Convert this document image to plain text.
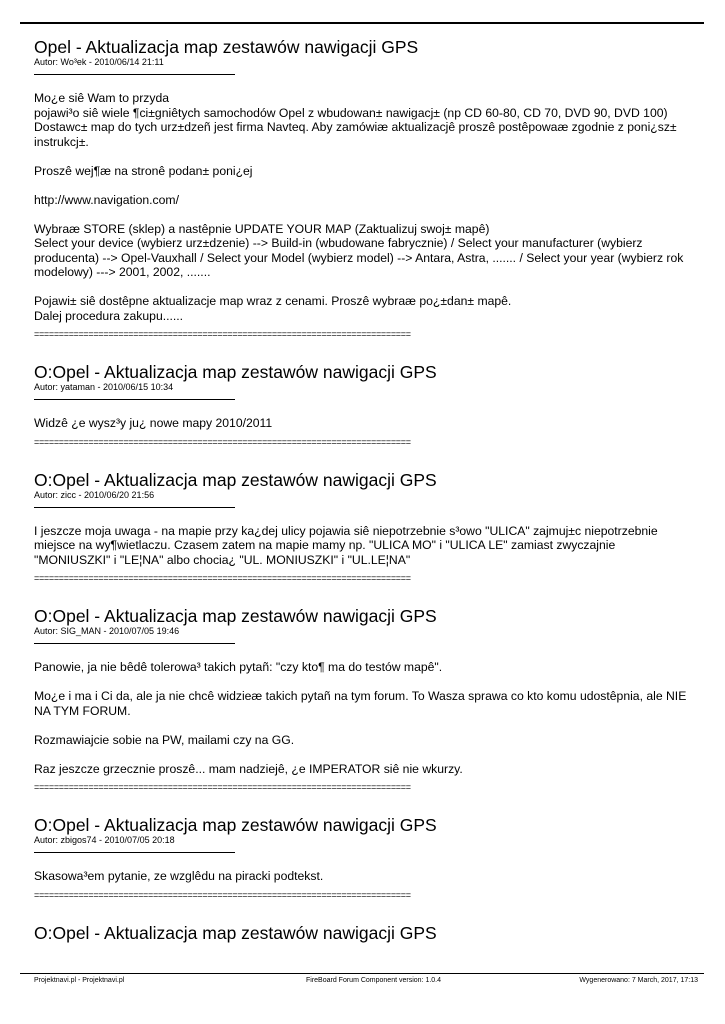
Opel - Aktualizacja map zestawów nawigacji GPS
Autor: Wo³ek - 2010/06/14 21:11

Mo¿e siê Wam to przyda
pojawi³o siê wiele ¶ci±gniêtych samochodów Opel z wbudowan± nawigacj± (np CD 60-80, CD 70, DVD 90, DVD 100)
Dostawc± map do tych urz±dzeñ jest firma Navteq. Aby zamówiæ aktualizacjê proszê postêpowaæ zgodnie z poni¿sz± instrukcj±.

Proszê wej¶æ na stronê podan± poni¿ej

http://www.navigation.com/

Wybraæ STORE (sklep) a nastêpnie UPDATE YOUR MAP (Zaktualizuj swoj± mapê)
Select your device (wybierz urz±dzenie) --> Build-in (wbudowane fabrycznie) / Select your manufacturer (wybierz producenta) --> Opel-Vauxhall / Select your Model (wybierz model) --> Antara, Astra, ....... / Select your year (wybierz rok modelowy) ---> 2001, 2002, .......

Pojawi± siê dostêpne aktualizacje map wraz z cenami. Proszê wybraæ po¿±dan± mapê.
Dalej procedura zakupu......

============================================================================
O:Opel - Aktualizacja map zestawów nawigacji GPS
Autor: yataman - 2010/06/15 10:34

Widzê ¿e wysz³y ju¿ nowe mapy 2010/2011

============================================================================
O:Opel - Aktualizacja map zestawów nawigacji GPS
Autor: zicc - 2010/06/20 21:56

I jeszcze moja uwaga - na mapie przy ka¿dej ulicy pojawia siê niepotrzebnie s³owo "ULICA" zajmuj±c niepotrzebnie miejsce na wy¶wietlaczu. Czasem zatem na mapie mamy np. "ULICA MO" i "ULICA LE" zamiast zwyczajnie "MONIUSZKI" i "LE¦NA" albo chocia¿ "UL. MONIUSZKI" i "UL.LE¦NA"

============================================================================
O:Opel - Aktualizacja map zestawów nawigacji GPS
Autor: SIG_MAN - 2010/07/05 19:46

Panowie, ja nie bêdê tolerowa³ takich pytañ: "czy kto¶ ma do testów mapê".

Mo¿e i ma i Ci da, ale ja nie chcê widzieæ takich pytañ na tym forum. To Wasza sprawa co kto komu udostêpnia, ale NIE NA TYM FORUM.

Rozmawiajcie sobie na PW, mailami czy na GG.

Raz jeszcze grzecznie proszê... mam nadziejê, ¿e IMPERATOR siê nie wkurzy.

============================================================================
O:Opel - Aktualizacja map zestawów nawigacji GPS
Autor: zbigos74 - 2010/07/05 20:18

Skasowa³em pytanie, ze wzglêdu na piracki podtekst.

============================================================================
O:Opel - Aktualizacja map zestawów nawigacji GPS
Projektnavi.pl - Projektnavi.pl	FireBoard Forum Component version: 1.0.4	Wygenerowano: 7 March, 2017, 17:13
